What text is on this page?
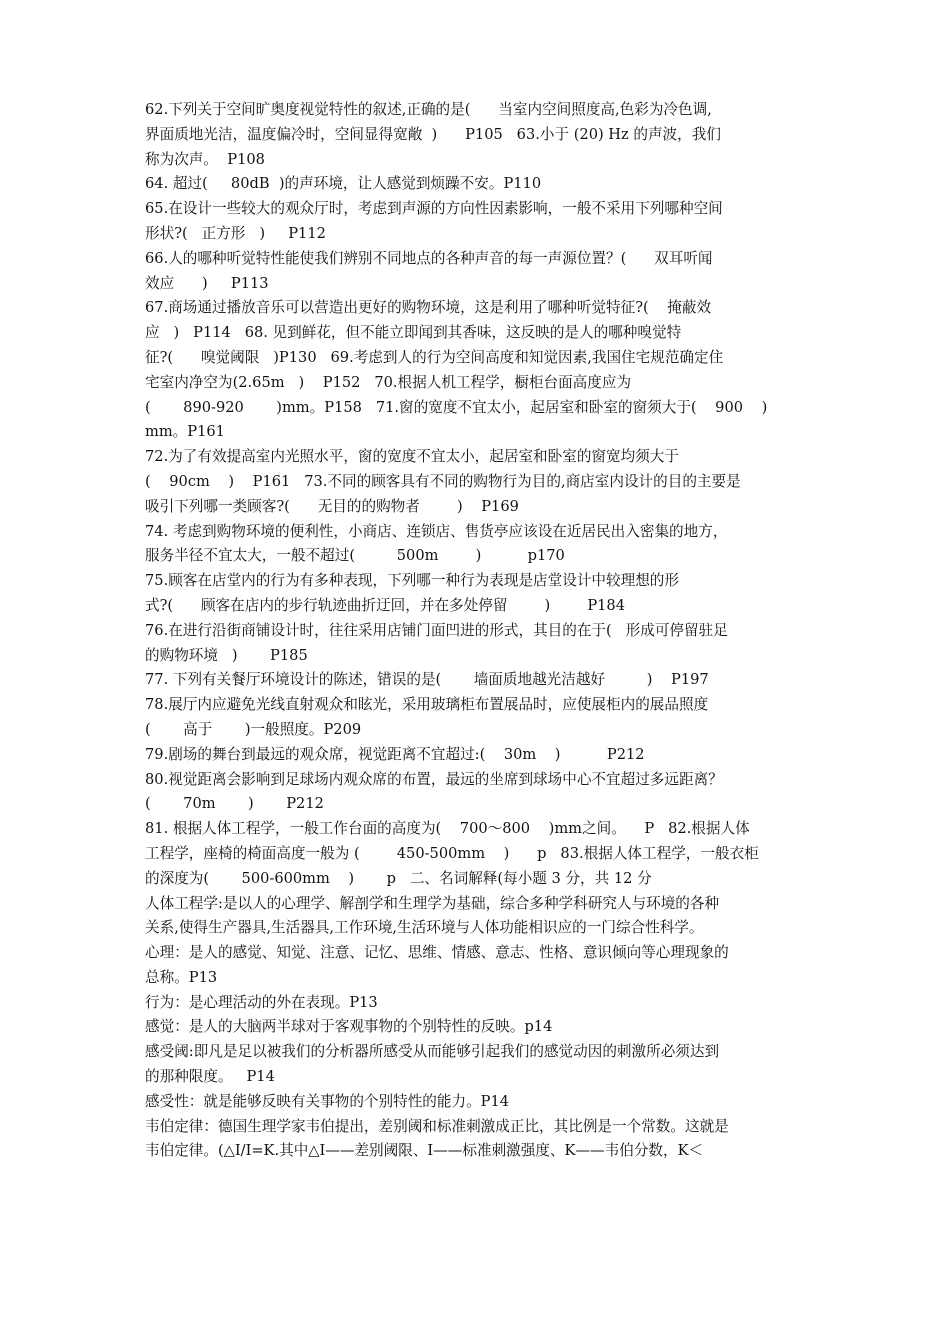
62.下列关于空间旷奥度视觉特性的叙述,正确的是(      当室内空间照度高,色彩为冷色调,
界面质地光洁，温度偏冷时，空间显得宽敞  )      P105   63.小于 (20) Hz 的声波，我们
称为次声。  P108
64. 超过(     80dB  )的声环境，让人感觉到烦躁不安。P110
65.在设计一些较大的观众厅时，考虑到声源的方向性因素影响，一般不采用下列哪种空间
形状?(   正方形   )     P112
66.人的哪种听觉特性能使我们辨别不同地点的各种声音的每一声源位置？(      双耳听闻
效应      )     P113
67.商场通过播放音乐可以营造出更好的购物环境，这是利用了哪种听觉特征?(    掩蔽效
应   )   P114   68. 见到鲜花，但不能立即闻到其香味，这反映的是人的哪种嗅觉特
征?(      嗅觉阈限   )P130   69.考虑到人的行为空间高度和知觉因素,我国住宅规范确定住
宅室内净空为(2.65m   )    P152   70.根据人机工程学，橱柜台面高度应为
(       890-920       )mm。P158   71.窗的宽度不宜太小，起居室和卧室的窗须大于(    900    )
mm。P161
72.为了有效提高室内光照水平，窗的宽度不宜太小，起居室和卧室的窗宽均须大于
(    90cm    )    P161   73.不同的顾客具有不同的购物行为目的,商店室内设计的目的主要是
吸引下列哪一类顾客?(      无目的的购物者        )    P169
74. 考虑到购物环境的便利性，小商店、连锁店、售货亭应该设在近居民出入密集的地方，
服务半径不宜太大，一般不超过(         500m        )          p170
75.顾客在店堂内的行为有多种表现，下列哪一种行为表现是店堂设计中较理想的形
式?(      顾客在店内的步行轨迹曲折迂回，并在多处停留        )        P184
76.在进行沿街商铺设计时，往往采用店铺门面凹进的形式，其目的在于(   形成可停留驻足
的购物环境   )       P185
77. 下列有关餐厅环境设计的陈述，错误的是(       墙面质地越光洁越好         )    P197
78.展厅内应避免光线直射观众和眩光，采用玻璃柜布置展品时，应使展柜内的展品照度
(       高于       )一般照度。P209
79.剧场的舞台到最远的观众席，视觉距离不宜超过:(    30m    )          P212
80.视觉距离会影响到足球场内观众席的布置，最远的坐席到球场中心不宜超过多远距离？
(       70m       )       P212
81. 根据人体工程学，一般工作台面的高度为(    700～800    )mm之间。    P   82.根据人体
工程学，座椅的椅面高度一般为 (        450-500mm    )      p   83.根据人体工程学，一般衣柜
的深度为(       500-600mm    )       p   二、名词解释(每小题 3 分，共 12 分
人体工程学:是以人的心理学、解剖学和生理学为基础，综合多种学科研究人与环境的各种
关系,使得生产器具,生活器具,工作环境,生活环境与人体功能相识应的一门综合性科学。
心理：是人的感觉、知觉、注意、记忆、思维、情感、意志、性格、意识倾向等心理现象的
总称。P13
行为：是心理活动的外在表现。P13
感觉：是人的大脑两半球对于客观事物的个别特性的反映。p14
感受阈:即凡是足以被我们的分析器所感受从而能够引起我们的感觉动因的刺激所必须达到
的那种限度。   P14
感受性：就是能够反映有关事物的个别特性的能力。P14
韦伯定律：德国生理学家韦伯提出，差别阈和标准刺激成正比，其比例是一个常数。这就是
韦伯定律。(△I/I=K.其中△I——差别阈限、I——标准刺激强度、K——韦伯分数，K＜
